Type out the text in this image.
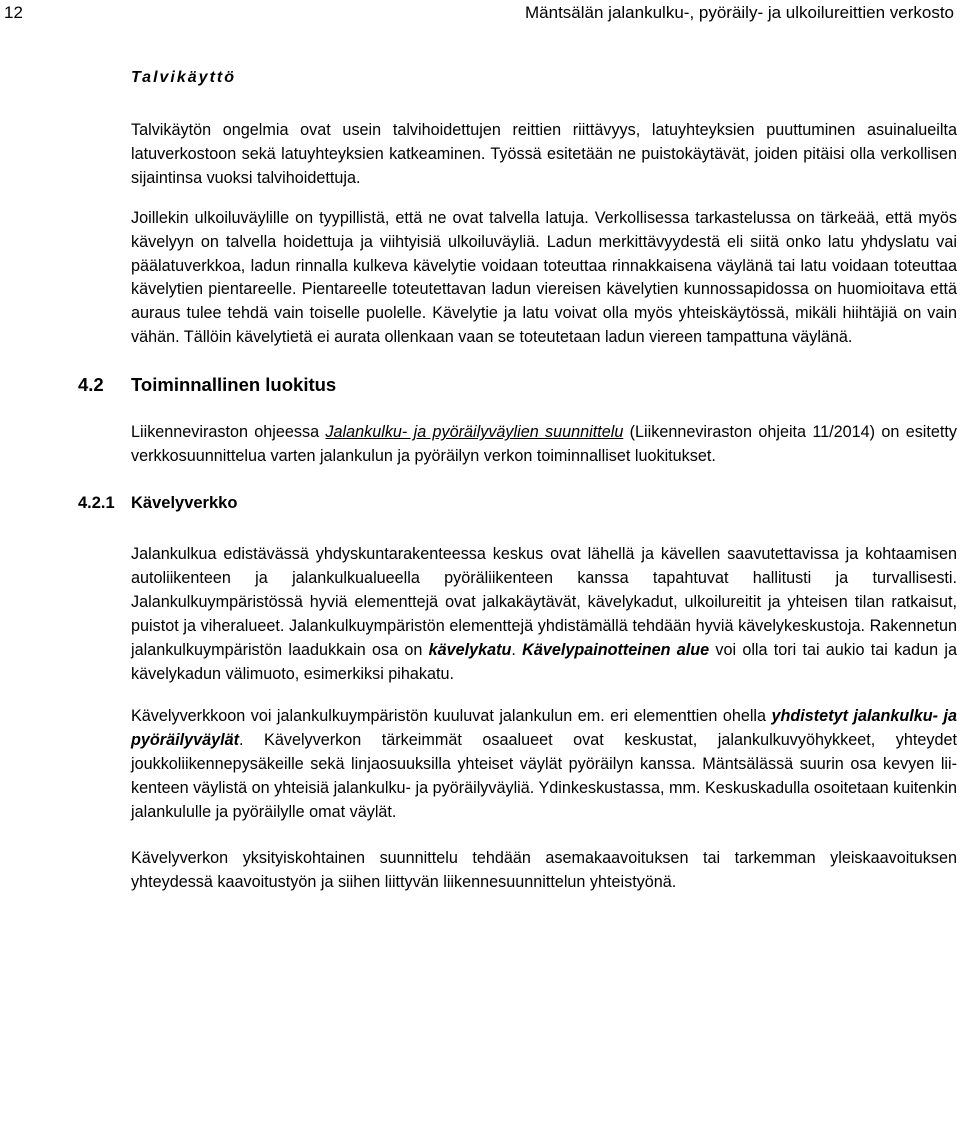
12	Mäntsälän jalankulku-, pyöräily- ja ulkoilureittien verkosto
Talvikäyttö

Talvikäytön ongelmia ovat usein talvihoidettujen reittien riittävyys, latuyhteyksien puuttuminen asuinalueilta latuverkostoon sekä latuyhteyksien katkeaminen. Työssä esitetään ne puistokäytävät, joiden pitäisi olla verkollisen sijaintinsa vuoksi talvihoidettuja.

Joillekin ulkoiluväylille on tyypillistä, että ne ovat talvella latuja. Verkollisessa tarkastelussa on tärkeää, että myös kävelyyn on talvella hoidettuja ja viihtyisiä ulkoiluväyliä. Ladun merkittävyydestä eli siitä onko latu yhdyslatu vai päälatuverkkoa, ladun rinnalla kulkeva kävelytie voidaan toteuttaa rinnakkaisena väylänä tai latu voidaan toteuttaa kävelytien pientareelle. Pientareelle toteutettavan ladun viereisen kävelytien kunnossapidossa on huomioitava että auraus tulee tehdä vain toiselle puolelle. Kävelytie ja latu voivat olla myös yhteiskäytössä, mikäli hiihtäjiä on vain vähän. Tällöin kävelytietä ei aurata ollenkaan vaan se toteutetaan ladun viereen tampattuna väylänä.

4.2 Toiminnallinen luokitus

Liikenneviraston ohjeessa Jalankulku- ja pyöräilyväylien suunnittelu (Liikenneviraston ohjeita 11/2014) on esitetty verkkosuunnittelua varten jalankulun ja pyöräilyn verkon toiminnalliset luokitukset.

4.2.1 Kävelyverkko

Jalankulkua edistävässä yhdyskuntarakenteessa keskus ovat lähellä ja kävellen saavutettavissa ja kohtaamisen autoliikenteen ja jalankulkualueella pyöräliikenteen kanssa tapahtuvat hallitusti ja turvallisesti. Jalankulkuympäristössä hyviä elementtejä ovat jalkakäytävät, kävelykadut, ulkoilureitit ja yhteisen tilan ratkaisut, puistot ja viheralueet. Jalankulkuympäristön elementtejä yhdistämällä tehdään hyviä kävelykeskustoja. Rakennetun jalankulkuympäristön laadukkain osa on kävelykatu. Kävelypainotteinen alue voi olla tori tai aukio tai kadun ja kävelykadun välimuoto, esimerkiksi pihakatu.

Kävelyverkkoon voi jalankulkuympäristön kuuluvat jalankulun em. eri elementtien ohella yhdistetyt jalankulku- ja pyöräilyväylät. Kävelyverkon tärkeimmät osaalueet ovat keskustat, jalankulkuvyöhykkeet, yhteydet joukkoliikennepysäkeille sekä linjaosuuksilla yhteiset väylät pyöräilyn kanssa. Mäntsälässä suurin osa kevyen liikenteen väylistä on yhteisiä jalankulku- ja pyöräilyväyliä. Ydinkeskustassa, mm. Keskuskadulla osoitetaan kuitenkin jalankululle ja pyöräilylle omat väylät.

Kävelyverkon yksityiskohtainen suunnittelu tehdään asemakaavoituksen tai tarkemman yleiskaavoituksen yhteydessä kaavoitustyön ja siihen liittyvän liikennesuunnittelun yhteistyönä.
